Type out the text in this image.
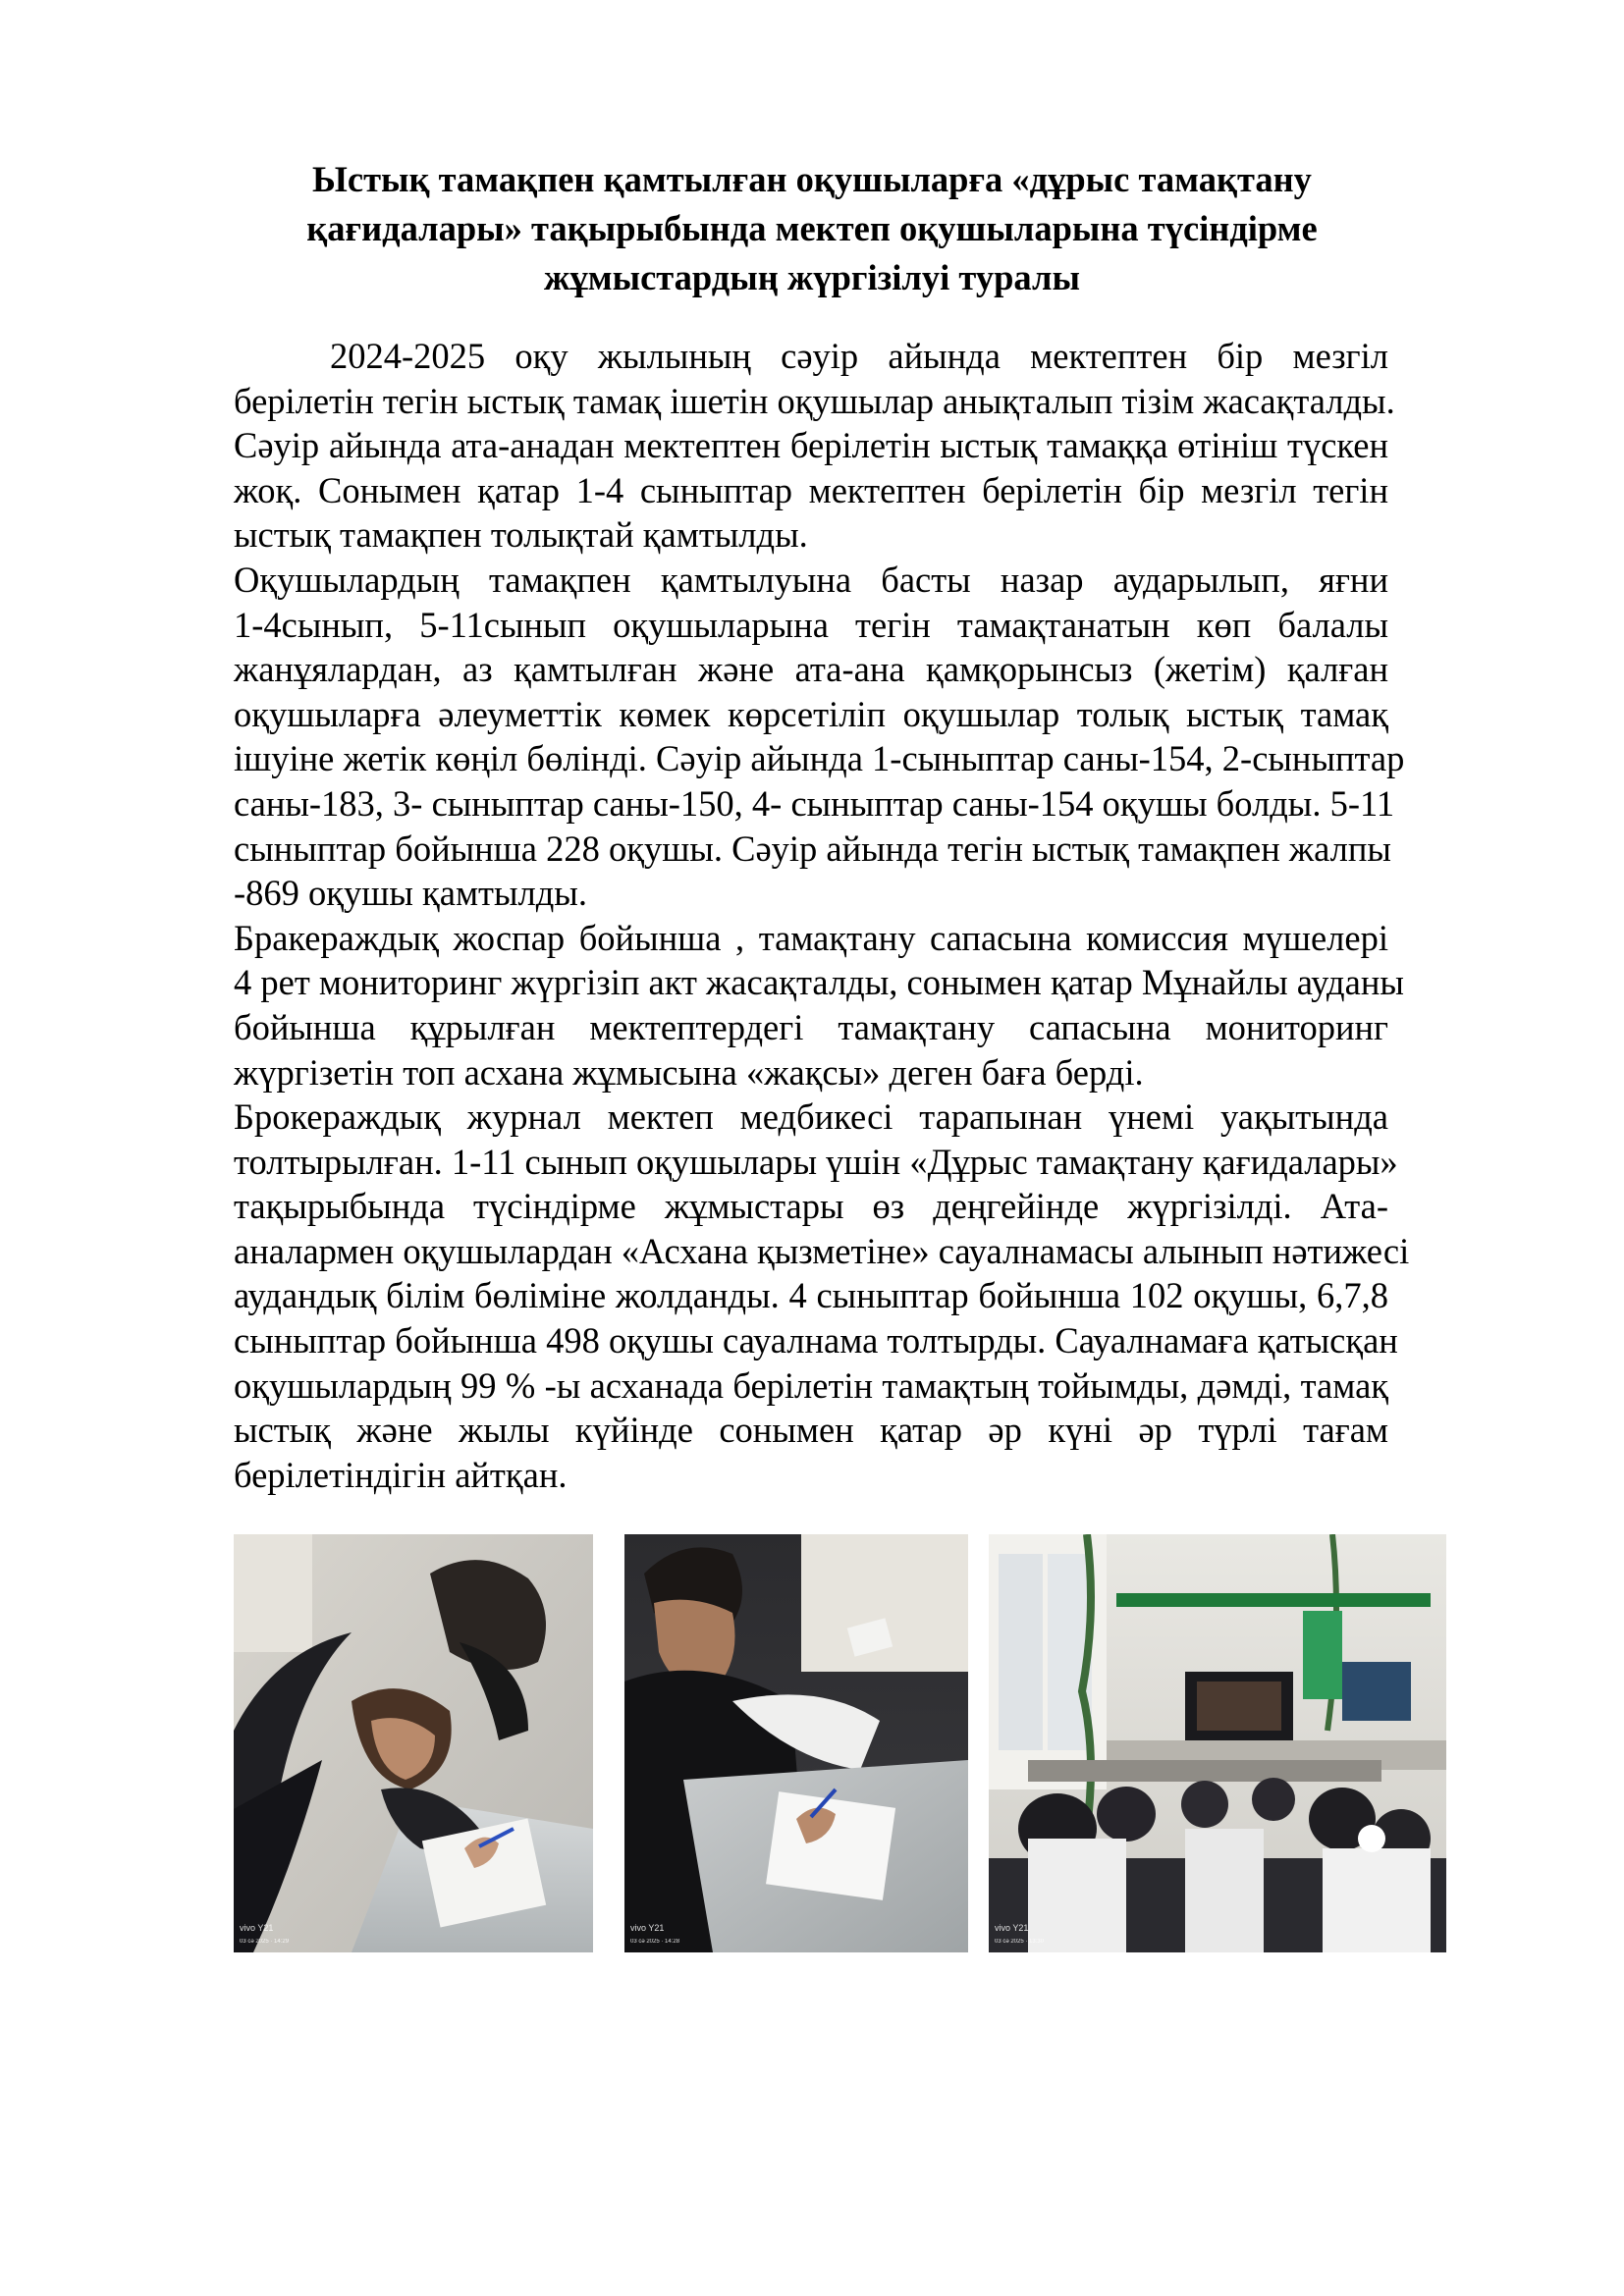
Ыстық тамақпен қамтылған оқушыларға «дұрыс тамақтану
қағидалары» тақырыбында мектеп оқушыларына түсіндірме
жұмыстардың жүргізілуі туралы
2024-2025 оқу жылының сәуір айында мектептен бір мезгіл
берілетін тегін ыстық тамақ ішетін оқушылар анықталып тізім жасақталды.
Сәуір айында ата-анадан мектептен берілетін ыстық тамаққа өтініш түскен
жоқ. Сонымен қатар 1-4 сыныптар мектептен берілетін бір мезгіл тегін
ыстық тамақпен толықтай қамтылды.
Оқушылардың тамақпен қамтылуына басты назар аударылып, яғни
1-4сынып, 5-11сынып оқушыларына тегін тамақтанатын көп балалы
жанұялардан, аз қамтылған және ата-ана қамқорынсыз (жетім) қалған
оқушыларға әлеуметтік көмек көрсетіліп оқушылар толық ыстық тамақ
ішуіне жетік көңіл бөлінді. Сәуір айында 1-сыныптар саны-154, 2-сыныптар
саны-183, 3- сыныптар саны-150, 4- сыныптар саны-154 оқушы болды. 5-11
сыныптар бойынша 228 оқушы. Сәуір айында тегін ыстық тамақпен жалпы
-869 оқушы қамтылды.
Бракераждық жоспар бойынша , тамақтану сапасына комиссия мүшелері
4 рет мониторинг жүргізіп акт жасақталды, сонымен қатар Мұнайлы ауданы
бойынша құрылған мектептердегі тамақтану сапасына мониторинг
жүргізетін топ асхана жұмысына «жақсы» деген баға берді.
Брокераждық журнал мектеп медбикесі тарапынан үнемі уақытында
толтырылған. 1-11 сынып оқушылары үшін «Дұрыс тамақтану қағидалары»
тақырыбында түсіндірме жұмыстары өз деңгейінде жүргізілді. Ата-
аналармен оқушылардан «Асхана қызметіне» сауалнамасы алынып нәтижесі
аудандық білім бөліміне жолданды. 4 сыныптар бойынша 102 оқушы, 6,7,8
сыныптар бойынша 498 оқушы сауалнама толтырды. Сауалнамаға қатысқан
оқушылардың 99 % -ы асханада берілетін тамақтың тойымды, дәмді, тамақ
ыстық және жылы күйінде сонымен қатар әр күні әр түрлі тағам
берілетіндігін айтқан.
vivo Y21
03 сә 2025 · 14:29
vivo Y21
03 сә 2025 · 14:28
vivo Y21
03 сә 2025 · 13:30
